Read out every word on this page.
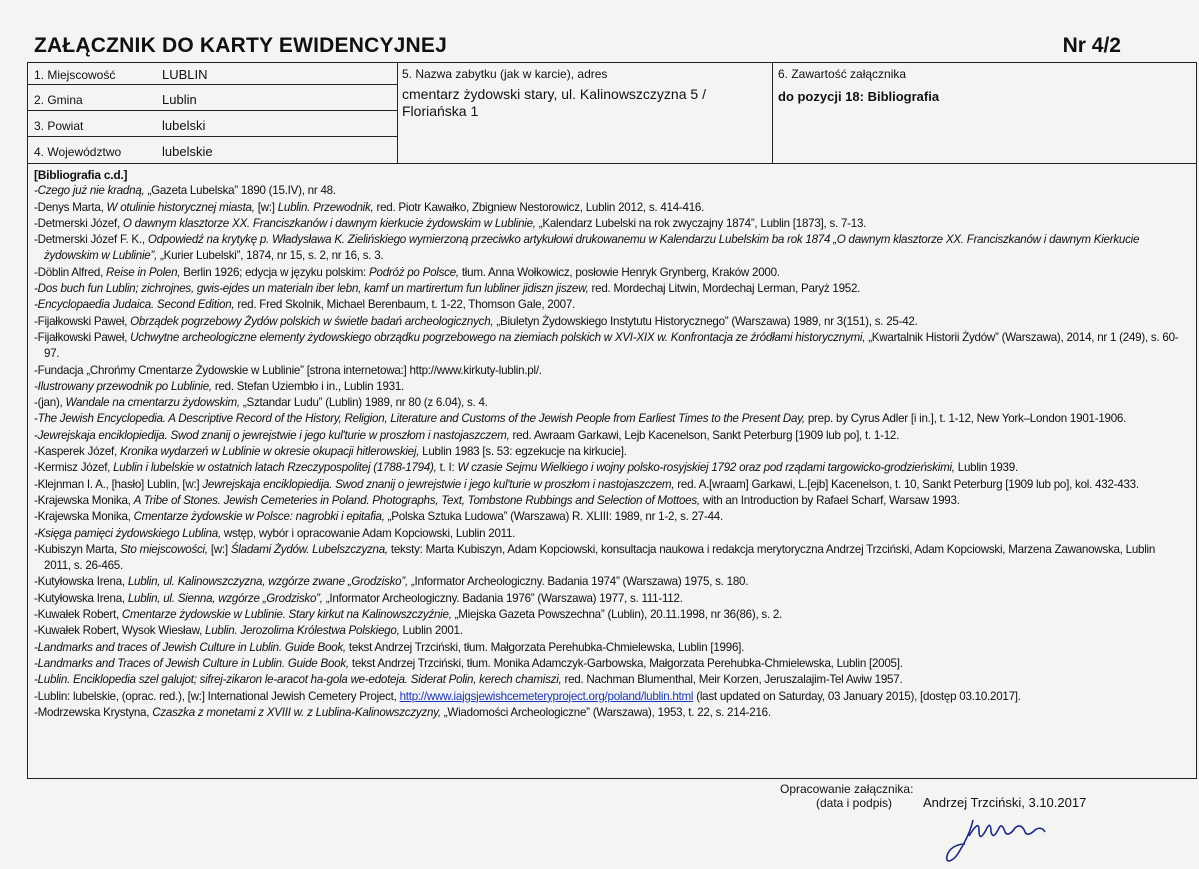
ZAŁĄCZNIK DO KARTY EWIDENCYJNEJ	Nr 4/2
1. Miejscowość	LUBLIN
2. Gmina	Lublin
3. Powiat	lubelski
4. Województwo	lubelskie
5. Nazwa zabytku (jak w karcie), adres
cmentarz żydowski stary, ul. Kalinowszczyzna 5 / Floriańska 1
6. Zawartość załącznika
do pozycji 18: Bibliografia
[Bibliografia c.d.]

-Czego już nie kradną, „Gazeta Lubelska” 1890 (15.IV), nr 48.

-Denys Marta, W otulinie historycznej miasta, [w:] Lublin. Przewodnik, red. Piotr Kawałko, Zbigniew Nestorowicz, Lublin 2012, s. 414-416.

-Detmerski Józef, O dawnym klasztorze XX. Franciszkanów i dawnym kierkucie żydowskim w Lublinie, „Kalendarz Lubelski na rok zwyczajny 1874”, Lublin [1873], s. 7-13.

-Detmerski Józef F. K., Odpowiedź na krytykę p. Władysława K. Zielińskiego wymierzoną przeciwko artykułowi drukowanemu w Kalendarzu Lubelskim ba rok 1874 „O dawnym klasztorze XX. Franciszkanów i dawnym Kierkucie żydowskim w Lublinie”, „Kurier Lubelski”, 1874, nr 15, s. 2, nr 16, s. 3.

-Döblin Alfred, Reise in Polen, Berlin 1926; edycja w języku polskim: Podróż po Polsce, tłum. Anna Wołkowicz, posłowie Henryk Grynberg, Kraków 2000.

-Dos buch fun Lublin; zichrojnes, gwis-ejdes un materialn iber lebn, kamf un martirertum fun lubliner jidiszn jiszew, red. Mordechaj Litwin, Mordechaj Lerman, Paryż 1952.

-Encyclopaedia Judaica. Second Edition, red. Fred Skolnik, Michael Berenbaum, t. 1-22, Thomson Gale, 2007.

-Fijałkowski Paweł, Obrządek pogrzebowy Żydów polskich w świetle badań archeologicznych, „Biuletyn Żydowskiego Instytutu Historycznego” (Warszawa) 1989, nr 3(151), s. 25-42.

-Fijałkowski Paweł, Uchwytne archeologiczne elementy żydowskiego obrządku pogrzebowego na ziemiach polskich w XVI-XIX w. Konfrontacja ze źródłami historycznymi, „Kwartalnik Historii Żydów” (Warszawa), 2014, nr 1 (249), s. 60-97.

-Fundacja „Chrońmy Cmentarze Żydowskie w Lublinie” [strona internetowa:] http://www.kirkuty-lublin.pl/.

-Ilustrowany przewodnik po Lublinie, red. Stefan Uziembło i in., Lublin 1931.

-(jan), Wandale na cmentarzu żydowskim, „Sztandar Ludu” (Lublin) 1989, nr 80 (z 6.04), s. 4.

-The Jewish Encyclopedia. A Descriptive Record of the History, Religion, Literature and Customs of the Jewish People from Earliest Times to the Present Day, prep. by Cyrus Adler [i in.], t. 1-12, New York–London 1901-1906.

-Jewrejskaja enciklopiedija. Swod znanij o jewrejstwie i jego kul'turie w proszłom i nastojaszczem, red. Awraam Garkawi, Lejb Kacenelson, Sankt Peterburg [1909 lub po], t. 1-12.

-Kasperek Józef, Kronika wydarzeń w Lublinie w okresie okupacji hitlerowskiej, Lublin 1983 [s. 53: egzekucje na kirkucie].

-Kermisz Józef, Lublin i lubelskie w ostatnich latach Rzeczypospolitej (1788-1794), t. I: W czasie Sejmu Wielkiego i wojny polsko-rosyjskiej 1792 oraz pod rządami targowicko-grodzieńskimi, Lublin 1939.

-Klejnman I. A., [hasło] Lublin, [w:] Jewrejskaja enciklopiedija. Swod znanij o jewrejstwie i jego kul'turie w proszłom i nastojaszczem, red. A.[wraam] Garkawi, L.[ejb] Kacenelson, t. 10, Sankt Peterburg [1909 lub po], kol. 432-433.

-Krajewska Monika, A Tribe of Stones. Jewish Cemeteries in Poland. Photographs, Text, Tombstone Rubbings and Selection of Mottoes, with an Introduction by Rafael Scharf, Warsaw 1993.

-Krajewska Monika, Cmentarze żydowskie w Polsce: nagrobki i epitafia, „Polska Sztuka Ludowa” (Warszawa) R. XLIII: 1989, nr 1-2, s. 27-44.

-Księga pamięci żydowskiego Lublina, wstęp, wybór i opracowanie Adam Kopciowski, Lublin 2011.

-Kubiszyn Marta, Sto miejscowości, [w:] Śladami Żydów. Lubelszczyzna, teksty: Marta Kubiszyn, Adam Kopciowski, konsultacja naukowa i redakcja merytoryczna Andrzej Trzciński, Adam Kopciowski, Marzena Zawanowska, Lublin 2011, s. 26-465.

-Kutyłowska Irena, Lublin, ul. Kalinowszczyzna, wzgórze zwane „Grodzisko”, „Informator Archeologiczny. Badania 1974” (Warszawa) 1975, s. 180.

-Kutyłowska Irena, Lublin, ul. Sienna, wzgórze „Grodzisko”, „Informator Archeologiczny. Badania 1976” (Warszawa) 1977, s. 111-112.

-Kuwałek Robert, Cmentarze żydowskie w Lublinie. Stary kirkut na Kalinowszczyźnie, „Miejska Gazeta Powszechna” (Lublin), 20.11.1998, nr 36(86), s. 2.

-Kuwałek Robert, Wysok Wiesław, Lublin. Jerozolima Królestwa Polskiego, Lublin 2001.

-Landmarks and traces of Jewish Culture in Lublin. Guide Book, tekst Andrzej Trzciński, tłum. Małgorzata Perehubka-Chmielewska, Lublin [1996].

-Landmarks and Traces of Jewish Culture in Lublin. Guide Book, tekst Andrzej Trzciński, tłum. Monika Adamczyk-Garbowska, Małgorzata Perehubka-Chmielewska, Lublin [2005].

-Lublin. Enciklopedia szel galujot; sifrej-zikaron le-aracot ha-gola we-edoteja. Siderat Polin, kerech chamiszi, red. Nachman Blumenthal, Meir Korzen, Jeruszalajim-Tel Awiw 1957.

-Lublin: lubelskie, (oprac. red.), [w:] International Jewish Cemetery Project, http://www.iajgsjewishcemeteryproject.org/poland/lublin.html (last updated on Saturday, 03 January 2015), [dostęp 03.10.2017].

-Modrzewska Krystyna, Czaszka z monetami z XVIII w. z Lublina-Kalinowszczyzny, „Wiadomości Archeologiczne” (Warszawa), 1953, t. 22, s. 214-216.

Opracowanie załącznika:
(data i podpis) Andrzej Trzciński, 3.10.2017
